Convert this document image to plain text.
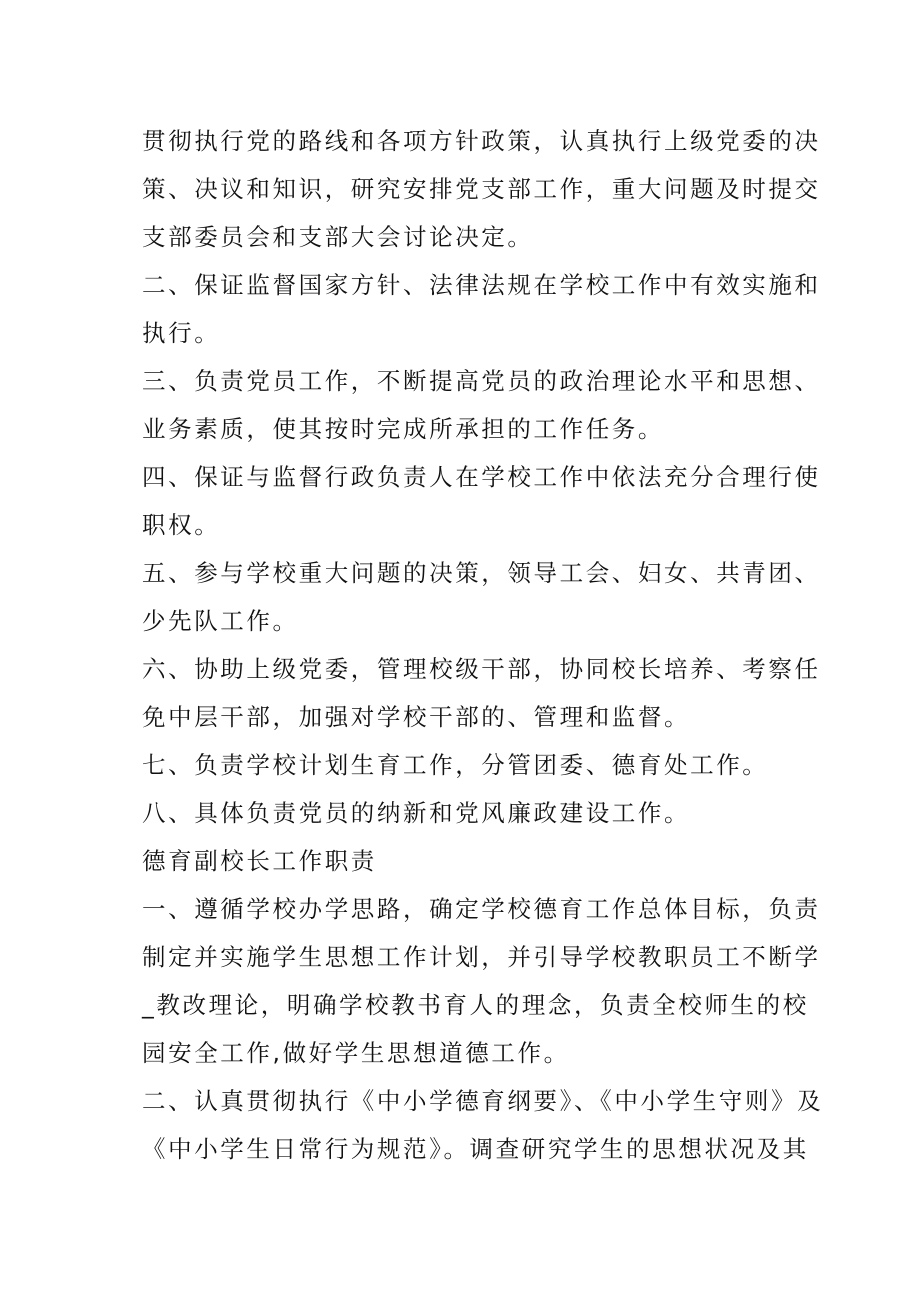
贯彻执行党的路线和各项方针政策，认真执行上级党委的决
策、决议和知识，研究安排党支部工作，重大问题及时提交
支部委员会和支部大会讨论决定。
二、保证监督国家方针、法律法规在学校工作中有效实施和
执行。
三、负责党员工作，不断提高党员的政治理论水平和思想、
业务素质，使其按时完成所承担的工作任务。
四、保证与监督行政负责人在学校工作中依法充分合理行使
职权。
五、参与学校重大问题的决策，领导工会、妇女、共青团、
少先队工作。
六、协助上级党委，管理校级干部，协同校长培养、考察任
免中层干部，加强对学校干部的、管理和监督。
七、负责学校计划生育工作，分管团委、德育处工作。
八、具体负责党员的纳新和党风廉政建设工作。
德育副校长工作职责
一、遵循学校办学思路，确定学校德育工作总体目标，负责
制定并实施学生思想工作计划，并引导学校教职员工不断学
_教改理论，明确学校教书育人的理念，负责全校师生的校
园安全工作,做好学生思想道德工作。
二、认真贯彻执行《中小学德育纲要》、《中小学生守则》及
《中小学生日常行为规范》。调查研究学生的思想状况及其
